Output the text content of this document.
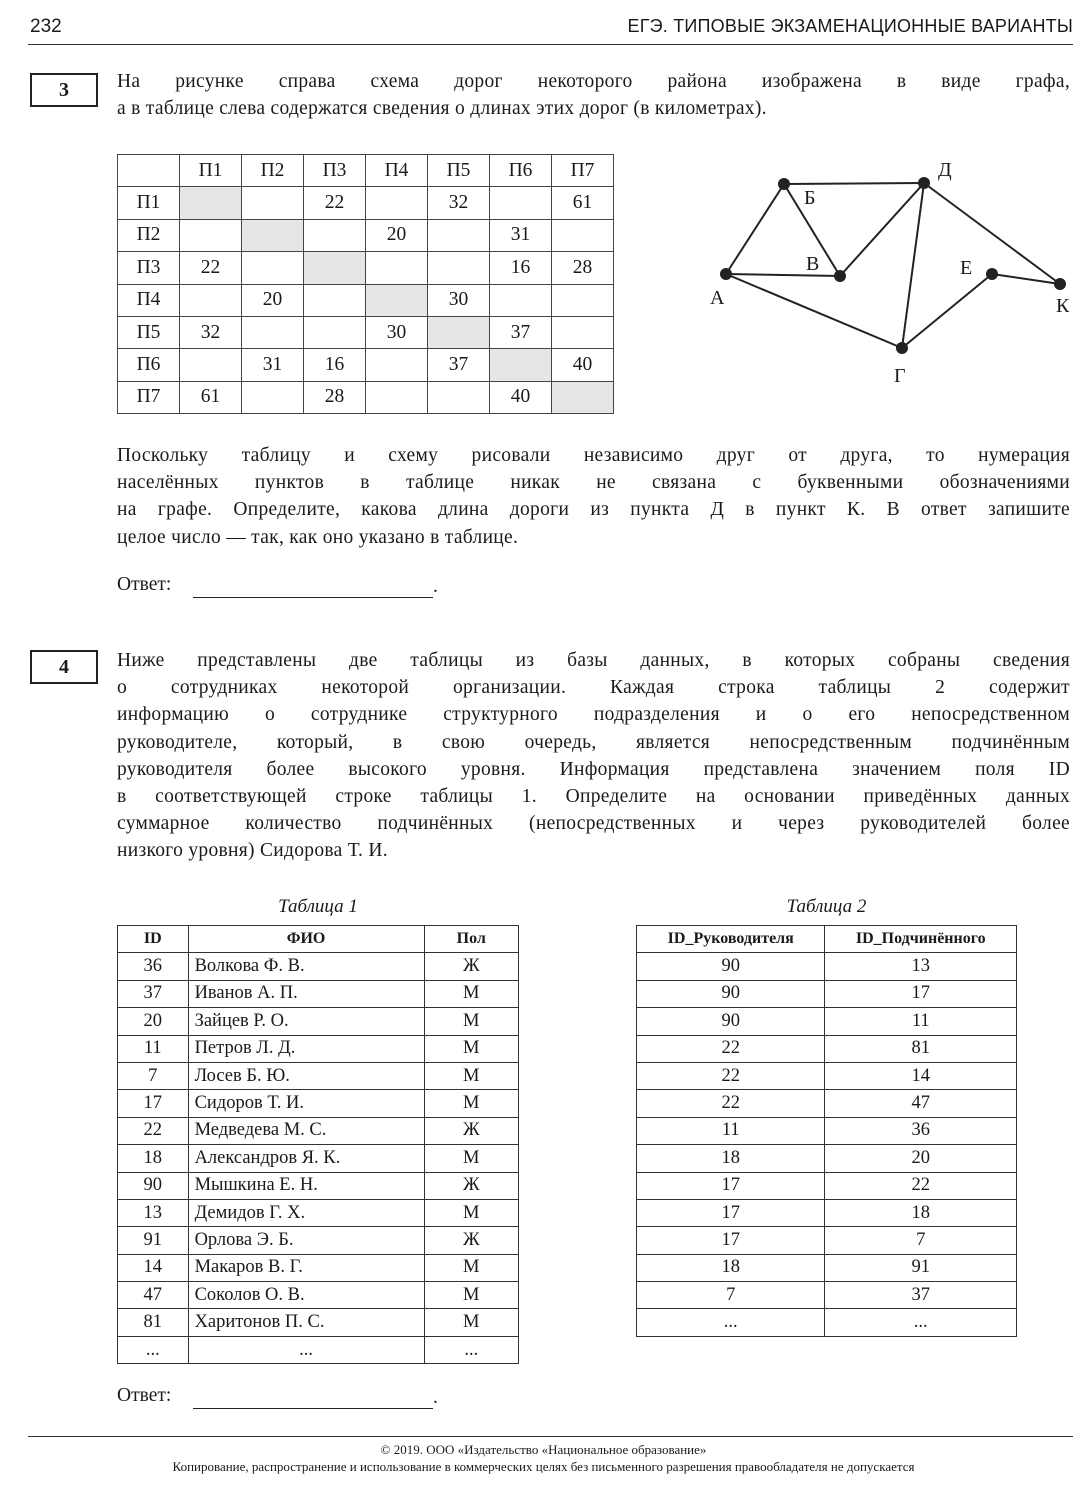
232	ЕГЭ. ТИПОВЫЕ ЭКЗАМЕНАЦИОННЫЕ ВАРИАНТЫ
3	На рисунке справа схема дорог некоторого района изображена в виде графа,
а в таблице слева содержатся сведения о длинах этих дорог (в километрах).
	П1	П2	П3	П4	П5	П6	П7
П1			22		32		61
П2				20		31	
П3	22					16	28
П4		20			30		
П5	32			30		37	
П6		31	16		37		40
П7	61		28			40	
А
Б
В
Г
Д
Е
К
Поскольку таблицу и схему рисовали независимо друг от друга, то нумерация
населённых пунктов в таблице никак не связана с буквенными обозначениями
на графе. Определите, какова длина дороги из пункта Д в пункт К. В ответ запишите
целое число — так, как оно указано в таблице.
Ответ:	.
4	Ниже представлены две таблицы из базы данных, в которых собраны сведения
о сотрудниках некоторой организации. Каждая строка таблицы 2 содержит
информацию о сотруднике структурного подразделения и о его непосредственном
руководителе, который, в свою очередь, является непосредственным подчинённым
руководителя более высокого уровня. Информация представлена значением поля ID
в соответствующей строке таблицы 1. Определите на основании приведённых данных
суммарное количество подчинённых (непосредственных и через руководителей более
низкого уровня) Сидорова Т. И.
Таблица 1
ID	ФИО	Пол
36	Волкова Ф. В.	Ж
37	Иванов А. П.	М
20	Зайцев Р. О.	М
11	Петров Л. Д.	М
7	Лосев Б. Ю.	М
17	Сидоров Т. И.	М
22	Медведева М. С.	Ж
18	Александров Я. К.	М
90	Мышкина Е. Н.	Ж
13	Демидов Г. Х.	М
91	Орлова Э. Б.	Ж
14	Макаров В. Г.	М
47	Соколов О. В.	М
81	Харитонов П. С.	М
...	...	...
Таблица 2
ID_Руководителя	ID_Подчинённого
90	13
90	17
90	11
22	81
22	14
22	47
11	36
18	20
17	22
17	18
17	7
18	91
7	37
...	...
Ответ:	.
© 2019. ООО «Издательство «Национальное образование»
Копирование, распространение и использование в коммерческих целях без письменного разрешения правообладателя не допускается
